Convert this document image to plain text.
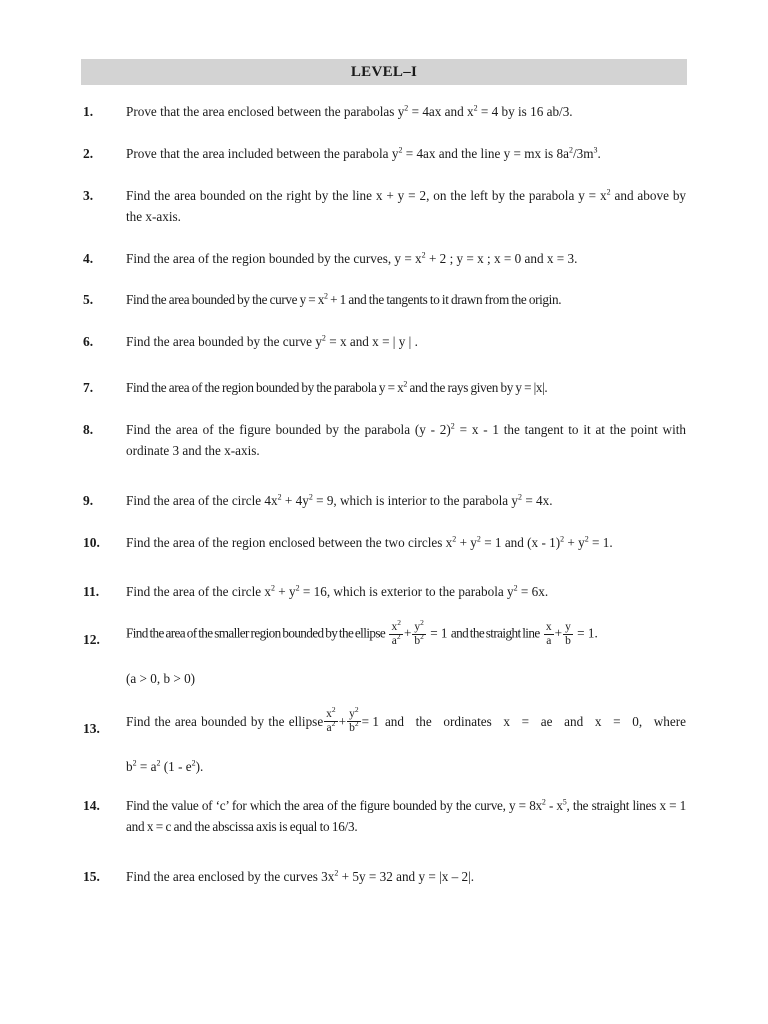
LEVEL–I
1. Prove that the area enclosed between the parabolas $y^2 = 4ax$ and $x^2 = 4$ by is 16 ab/3.
2. Prove that the area included between the parabola $y^2 = 4ax$ and the line y = mx is $8a^2/3m^3$.
3. Find the area bounded on the right by the line x + y = 2, on the left by the parabola $y = x^2$ and above by the x-axis.
4. Find the area of the region bounded by the curves, $y = x^2 + 2$ ; y = x ; x = 0 and x = 3.
5. Find the area bounded by the curve $y = x^2 + 1$ and the tangents to it drawn from the origin.
6. Find the area bounded by the curve $y^2 = x$ and x = | y | .
7. Find the area of the region bounded by the parabola $y = x^2$ and the rays given by y = |x|.
8. Find the area of the figure bounded by the parabola (y - 2)$^2$ = x - 1 the tangent to it at the point with ordinate 3 and the x-axis.
9. Find the area of the circle $4x^2 + 4y^2 = 9$, which is interior to the parabola $y^2 = 4x$.
10. Find the area of the region enclosed between the two circles $x^2 + y^2 = 1$ and $(x - 1)^2 + y^2 = 1$.
11. Find the area of the circle $x^2 + y^2 = 16$, which is exterior to the parabola $y^2 = 6x$.
12. Find the area of the smaller region bounded by the ellipse $\frac{x^2}{a^2} + \frac{y^2}{b^2} = 1$ and the straight line $\frac{x}{a} + \frac{y}{b} = 1$.
(a > 0, b > 0)
13. Find the area bounded by the ellipse $\frac{x^2}{a^2} + \frac{y^2}{b^2} = 1$ and the ordinates x = ae and x = 0, where
$b^2 = a^2$ $(1 - e^2)$.
14. Find the value of ‘c’ for which the area of the figure bounded by the curve, $y = 8x^2 - x^5$, the straight lines x = 1 and x = c and the abscissa axis is equal to 16/3.
15. Find the area enclosed by the curves $3x^2 + 5y = 32$ and y = |x – 2|.
